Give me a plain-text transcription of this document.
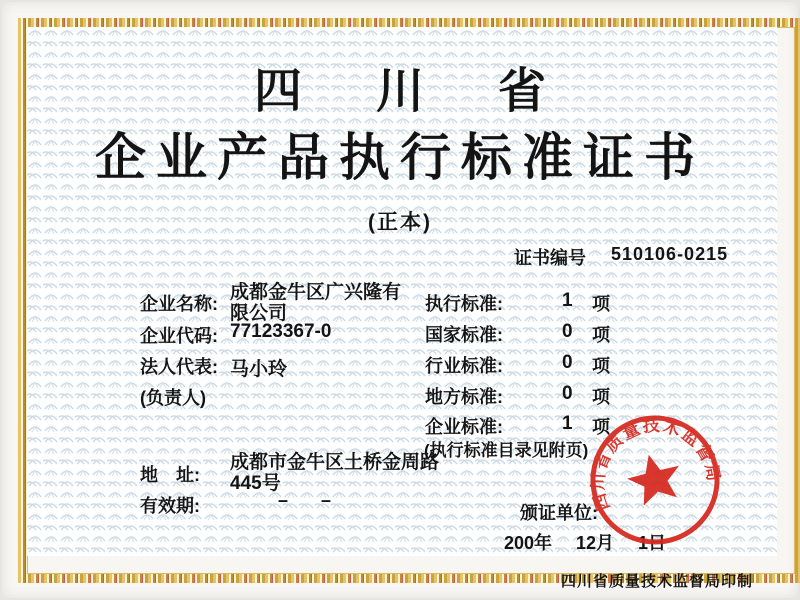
四 川 省
企业产品执行标准证书
(正本)
证书编号 510106-0215
企业名称:
成都金牛区广兴隆有限公司
企业代码: 77123367-0
法人代表: 马小玲
(负责人)
执行标准:	1 项
国家标准:	0 项
行业标准:	0 项
地方标准:	0 项
企业标准:	1 项
(执行标准目录见附页)
地　址:
成都市金牛区土桥金周路445号
有效期:	– –
颁证单位:
200年 12月 1日
四川省质量技术监督局
四川省质量技术监督局印制
